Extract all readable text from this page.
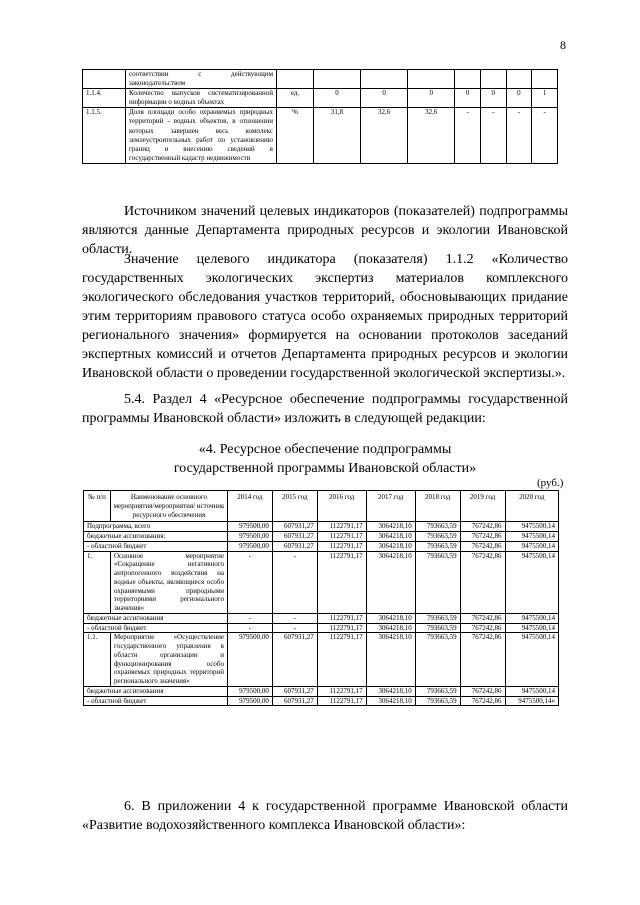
8
	соответствии с действующим законодательством								
1.1.4.	Количество выпусков систематизированной информации о водных объектах	ед.	0	0	0	0	0	0	1
1.1.5.	Доля площади особо охраняемых природных территорий - водных объектов, в отношении которых завершен весь комплекс землеустроительных работ по установлению границ и внесению сведений в государственный кадастр недвижимости	%	31,8	32,6	32,6	-	-	-	-

Источником значений целевых индикаторов (показателей) подпрограммы являются данные Департамента природных ресурсов и экологии Ивановской области.

Значение целевого индикатора (показателя) 1.1.2 «Количество государственных экологических экспертиз материалов комплексного экологического обследования участков территорий, обосновывающих придание этим территориям правового статуса особо охраняемых природных территорий регионального значения» формируется на основании протоколов заседаний экспертных комиссий и отчетов Департамента природных ресурсов и экологии Ивановской области о проведении государственной экологической экспертизы.».

5.4. Раздел 4 «Ресурсное обеспечение подпрограммы государственной программы Ивановской области» изложить в следующей редакции:

«4. Ресурсное обеспечение подпрограммы

государственной программы Ивановской области»

(руб.)
№ п/п	Наименование основного мероприятия/мероприятия/ источник ресурсного обеспечения	2014 год	2015 год	2016 год	2017 год	2018 год	2019 год	2020 год
Подпрограмма, всего		979500,00	607931,27	1122791,17	3064218,10	793663,59	767242,86	9475500,14
бюджетные ассигнования:		979500,00	607931,27	1122791,17	3064218,10	793663,59	767242,86	9475500,14
- областной бюджет		979500,00	607931,27	1122791,17	3064218,10	793663,59	767242,86	9475500,14
1.	Основное мероприятие «Сокращение негативного антропогенного воздействия на водные объекты, являющиеся особо охраняемыми природными территориями регионального значения»	-	-	1122791,17	3064218,10	793663,59	767242,86	9475500,14
бюджетные ассигнования		-	-	1122791,17	3064218,10	793663,59	767242,86	9475500,14
- областной бюджет		-	-	1122791,17	3064218,10	793663,59	767242,86	9475500,14
1.1.	Мероприятие «Осуществление государственного управления в области организации и функционирования особо охраняемых природных территорий регионального значения»	979500,00	607931,27	1122791,17	3064218,10	793663,59	767242,86	9475500,14
бюджетные ассигнования		979500,00	607931,27	1122791,17	3064218,10	793663,59	767242,86	9475500,14
- областной бюджет		979500,00	607931,27	1122791,17	3064218,10	793663,59	767242,86	9475500,14»

6. В приложении 4 к государственной программе Ивановской области «Развитие водохозяйственного комплекса Ивановской области»:
